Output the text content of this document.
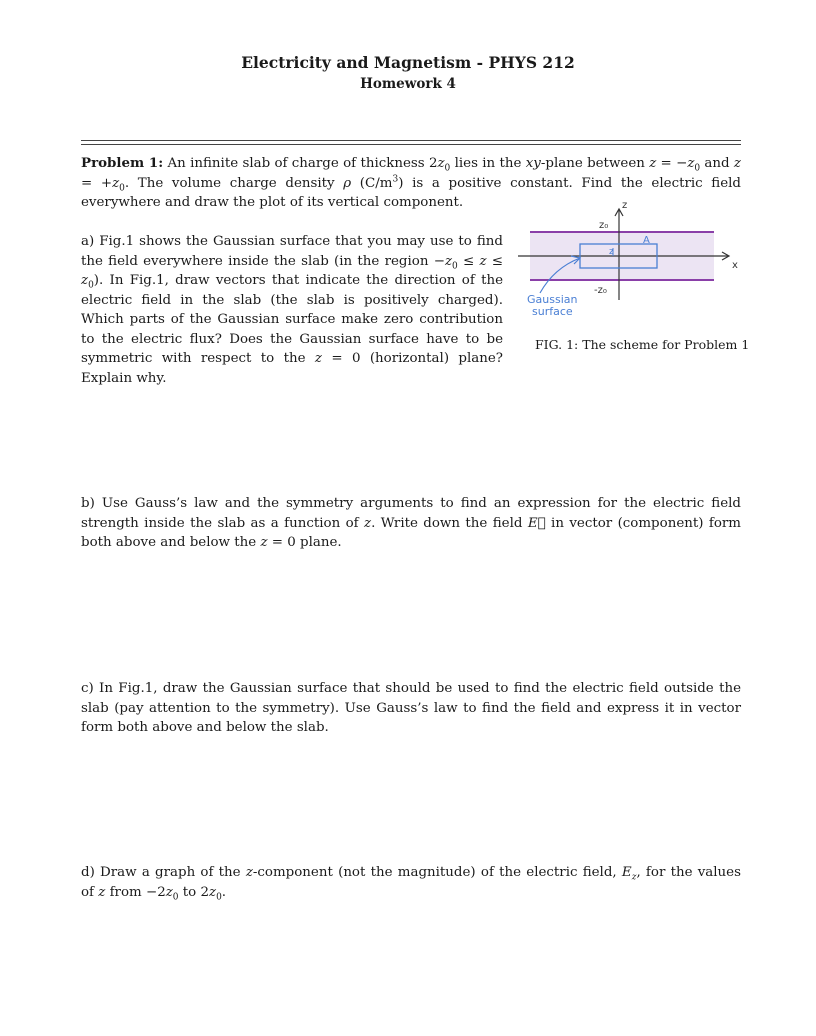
Electricity and Magnetism - PHYS 212
Homework 4

Problem 1: An infinite slab of charge of thickness $2z_0$ lies in the xy-plane between $z = -z_0$ and $z = +z_0$. The volume charge density ρ $(C/m^3)$ is a positive constant. Find the electric field everywhere and draw the plot of its vertical component.

a) Fig.1 shows the Gaussian surface that you may use to find the field everywhere inside the slab (in the region $-z_0 \le z \le z_0$). In Fig.1, draw vectors that indicate the direction of the electric field in the slab (the slab is positively charged). Which parts of the Gaussian surface make zero contribution to the electric flux? Does the Gaussian surface have to be symmetric with respect to the z = 0 (horizontal) plane? Explain why.

z
x
z₀
-z₀
A
z
Gaussian
surface
FIG. 1: The scheme for Problem 1

b) Use Gauss’s law and the symmetry arguments to find an expression for the electric field strength inside the slab as a function of z. Write down the field E⃗ in vector (component) form both above and below the z = 0 plane.

c) In Fig.1, draw the Gaussian surface that should be used to find the electric field outside the slab (pay attention to the symmetry). Use Gauss’s law to find the field and express it in vector form both above and below the slab.

d) Draw a graph of the z-component (not the magnitude) of the electric field, $E_z$, for the values of z from $-2z_0$ to $2z_0$.
